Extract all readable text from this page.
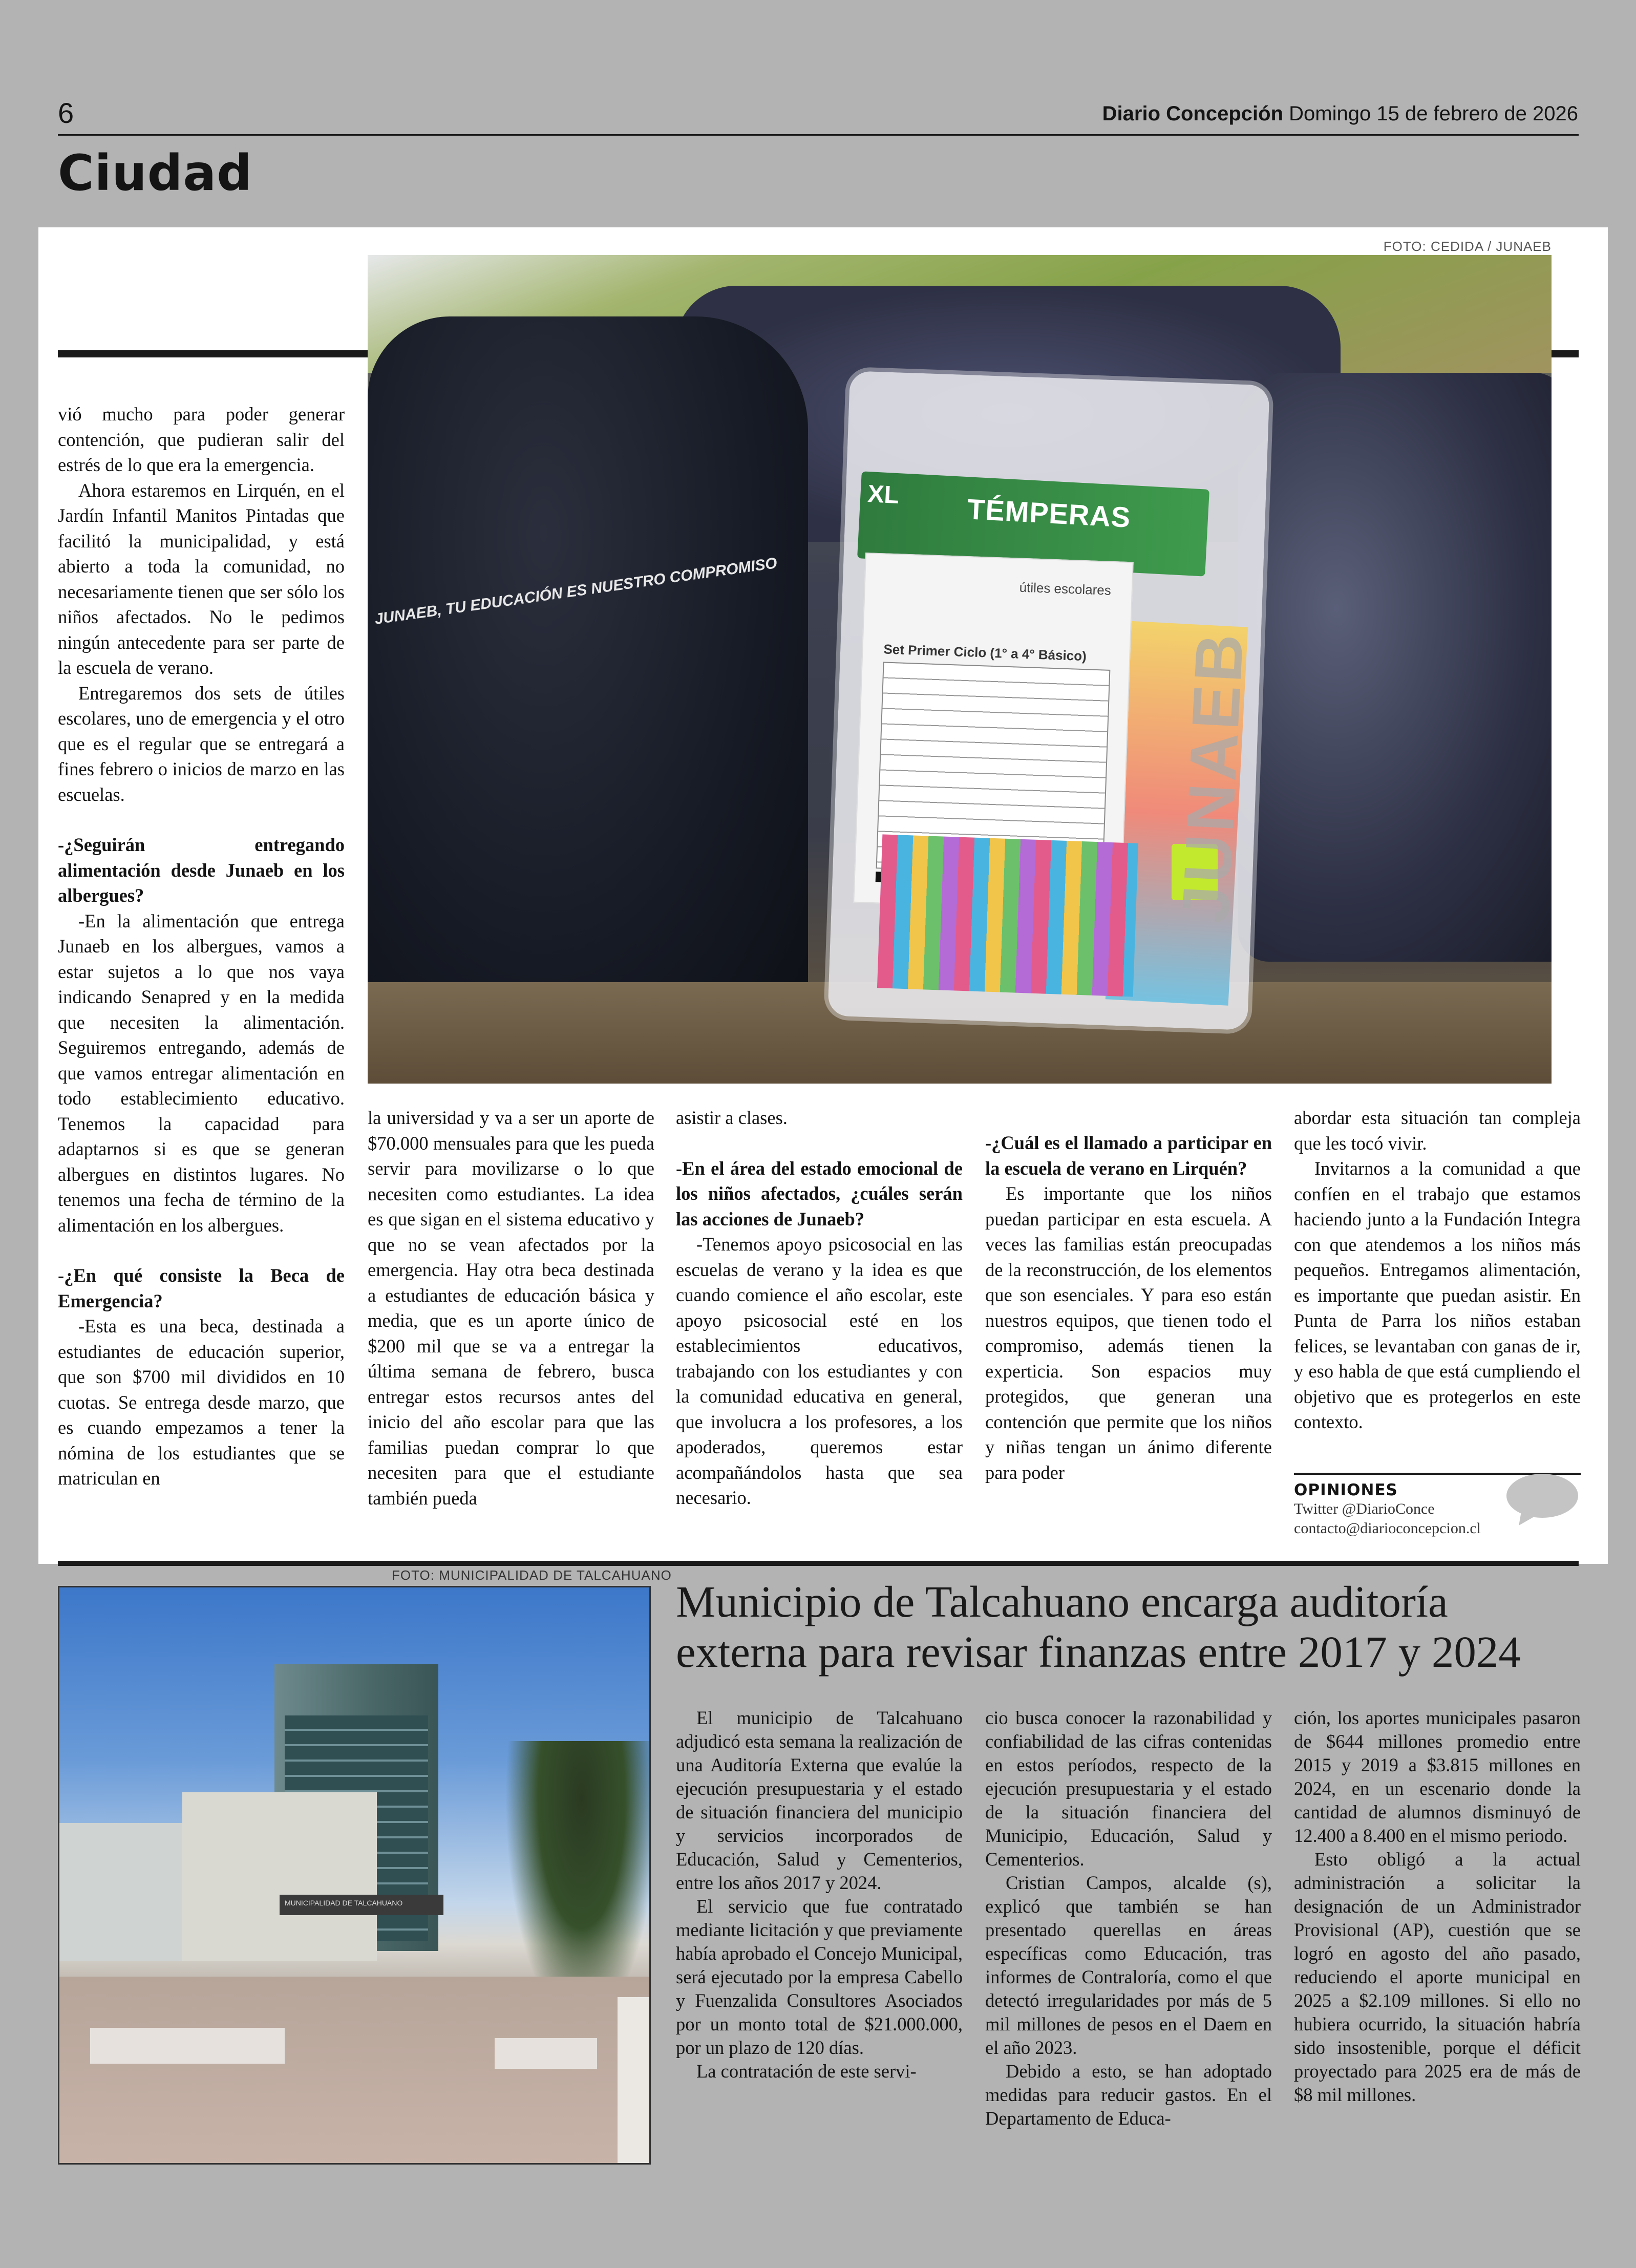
6	Diario Concepción Domingo 15 de febrero de 2026
Ciudad
FOTO: CEDIDA / JUNAEB
JUNAEB, TU EDUCACIÓN ES NUESTRO COMPROMISO
XL TÉMPERAS
útiles escolares
Set Primer Ciclo (1° a 4° Básico) JUNAEB

vió mucho para poder generar contención, que pudieran salir del estrés de lo que era la emergencia.

Ahora estaremos en Lirquén, en el Jardín Infantil Manitos Pintadas que facilitó la municipalidad, y está abierto a toda la comunidad, no necesariamente tienen que ser sólo los niños afectados. No le pedimos ningún antecedente para ser parte de la escuela de verano.

Entregaremos dos sets de útiles escolares, uno de emergencia y el otro que es el regular que se entregará a fines febrero o inicios de marzo en las escuelas.

-¿Seguirán entregando alimentación desde Junaeb en los albergues?

-En la alimentación que entrega Junaeb en los albergues, vamos a estar sujetos a lo que nos vaya indicando Senapred y en la medida que necesiten la alimentación. Seguiremos entregando, además de que vamos entregar alimentación en todo establecimiento educativo. Tenemos la capacidad para adaptarnos si es que se generan albergues en distintos lugares. No tenemos una fecha de término de la alimentación en los albergues.

-¿En qué consiste la Beca de Emergencia?

-Esta es una beca, destinada a estudiantes de educación superior, que son $700 mil divididos en 10 cuotas. Se entrega desde marzo, que es cuando empezamos a tener la nómina de los estudiantes que se matriculan en

la universidad y va a ser un aporte de $70.000 mensuales para que les pueda servir para movilizarse o lo que necesiten como estudiantes. La idea es que sigan en el sistema educativo y que no se vean afectados por la emergencia. Hay otra beca destinada a estudiantes de educación básica y media, que es un aporte único de $200 mil que se va a entregar la última semana de febrero, busca entregar estos recursos antes del inicio del año escolar para que las familias puedan comprar lo que necesiten para que el estudiante también pueda

asistir a clases.

-En el área del estado emocional de los niños afectados, ¿cuáles serán las acciones de Junaeb?

-Tenemos apoyo psicosocial en las escuelas de verano y la idea es que cuando comience el año escolar, este apoyo psicosocial esté en los establecimientos educativos, trabajando con los estudiantes y con la comunidad educativa en general, que involucra a los profesores, a los apoderados, queremos estar acompañándolos hasta que sea necesario.

-¿Cuál es el llamado a participar en la escuela de verano en Lirquén?

Es importante que los niños puedan participar en esta escuela. A veces las familias están preocupadas de la reconstrucción, de los elementos que son esenciales. Y para eso están nuestros equipos, que tienen todo el compromiso, además tienen la experticia. Son espacios muy protegidos, que generan una contención que permite que los niños y niñas tengan un ánimo diferente para poder

abordar esta situación tan compleja que les tocó vivir.

Invitarnos a la comunidad a que confíen en el trabajo que estamos haciendo junto a la Fundación Integra con que atendemos a los niños más pequeños. Entregamos alimentación, es importante que puedan asistir. En Punta de Parra los niños estaban felices, se levantaban con ganas de ir, y eso habla de que está cumpliendo el objetivo que es protegerlos en este contexto.

OPINIONES
Twitter @DiarioConce
contacto@diarioconcepcion.cl
FOTO: MUNICIPALIDAD DE TALCAHUANO
MUNICIPALIDAD DE TALCAHUANO
Municipio de Talcahuano encarga auditoría externa para revisar finanzas entre 2017 y 2024

El municipio de Talcahuano adjudicó esta semana la realización de una Auditoría Externa que evalúe la ejecución presupuestaria y el estado de situación financiera del municipio y servicios incorporados de Educación, Salud y Cementerios, entre los años 2017 y 2024.

El servicio que fue contratado mediante licitación y que previamente había aprobado el Concejo Municipal, será ejecutado por la empresa Cabello y Fuenzalida Consultores Asociados por un monto total de $21.000.000, por un plazo de 120 días.

La contratación de este servi-

cio busca conocer la razonabilidad y confiabilidad de las cifras contenidas en estos períodos, respecto de la ejecución presupuestaria y el estado de la situación financiera del Municipio, Educación, Salud y Cementerios.

Cristian Campos, alcalde (s), explicó que también se han presentado querellas en áreas específicas como Educación, tras informes de Contraloría, como el que detectó irregularidades por más de 5 mil millones de pesos en el Daem en el año 2023.

Debido a esto, se han adoptado medidas para reducir gastos. En el Departamento de Educa-

ción, los aportes municipales pasaron de $644 millones promedio entre 2015 y 2019 a $3.815 millones en 2024, en un escenario donde la cantidad de alumnos disminuyó de 12.400 a 8.400 en el mismo periodo.

Esto obligó a la actual administración a solicitar la designación de un Administrador Provisional (AP), cuestión que se logró en agosto del año pasado, reduciendo el aporte municipal en 2025 a $2.109 millones. Si ello no hubiera ocurrido, la situación habría sido insostenible, porque el déficit proyectado para 2025 era de más de $8 mil millones.
